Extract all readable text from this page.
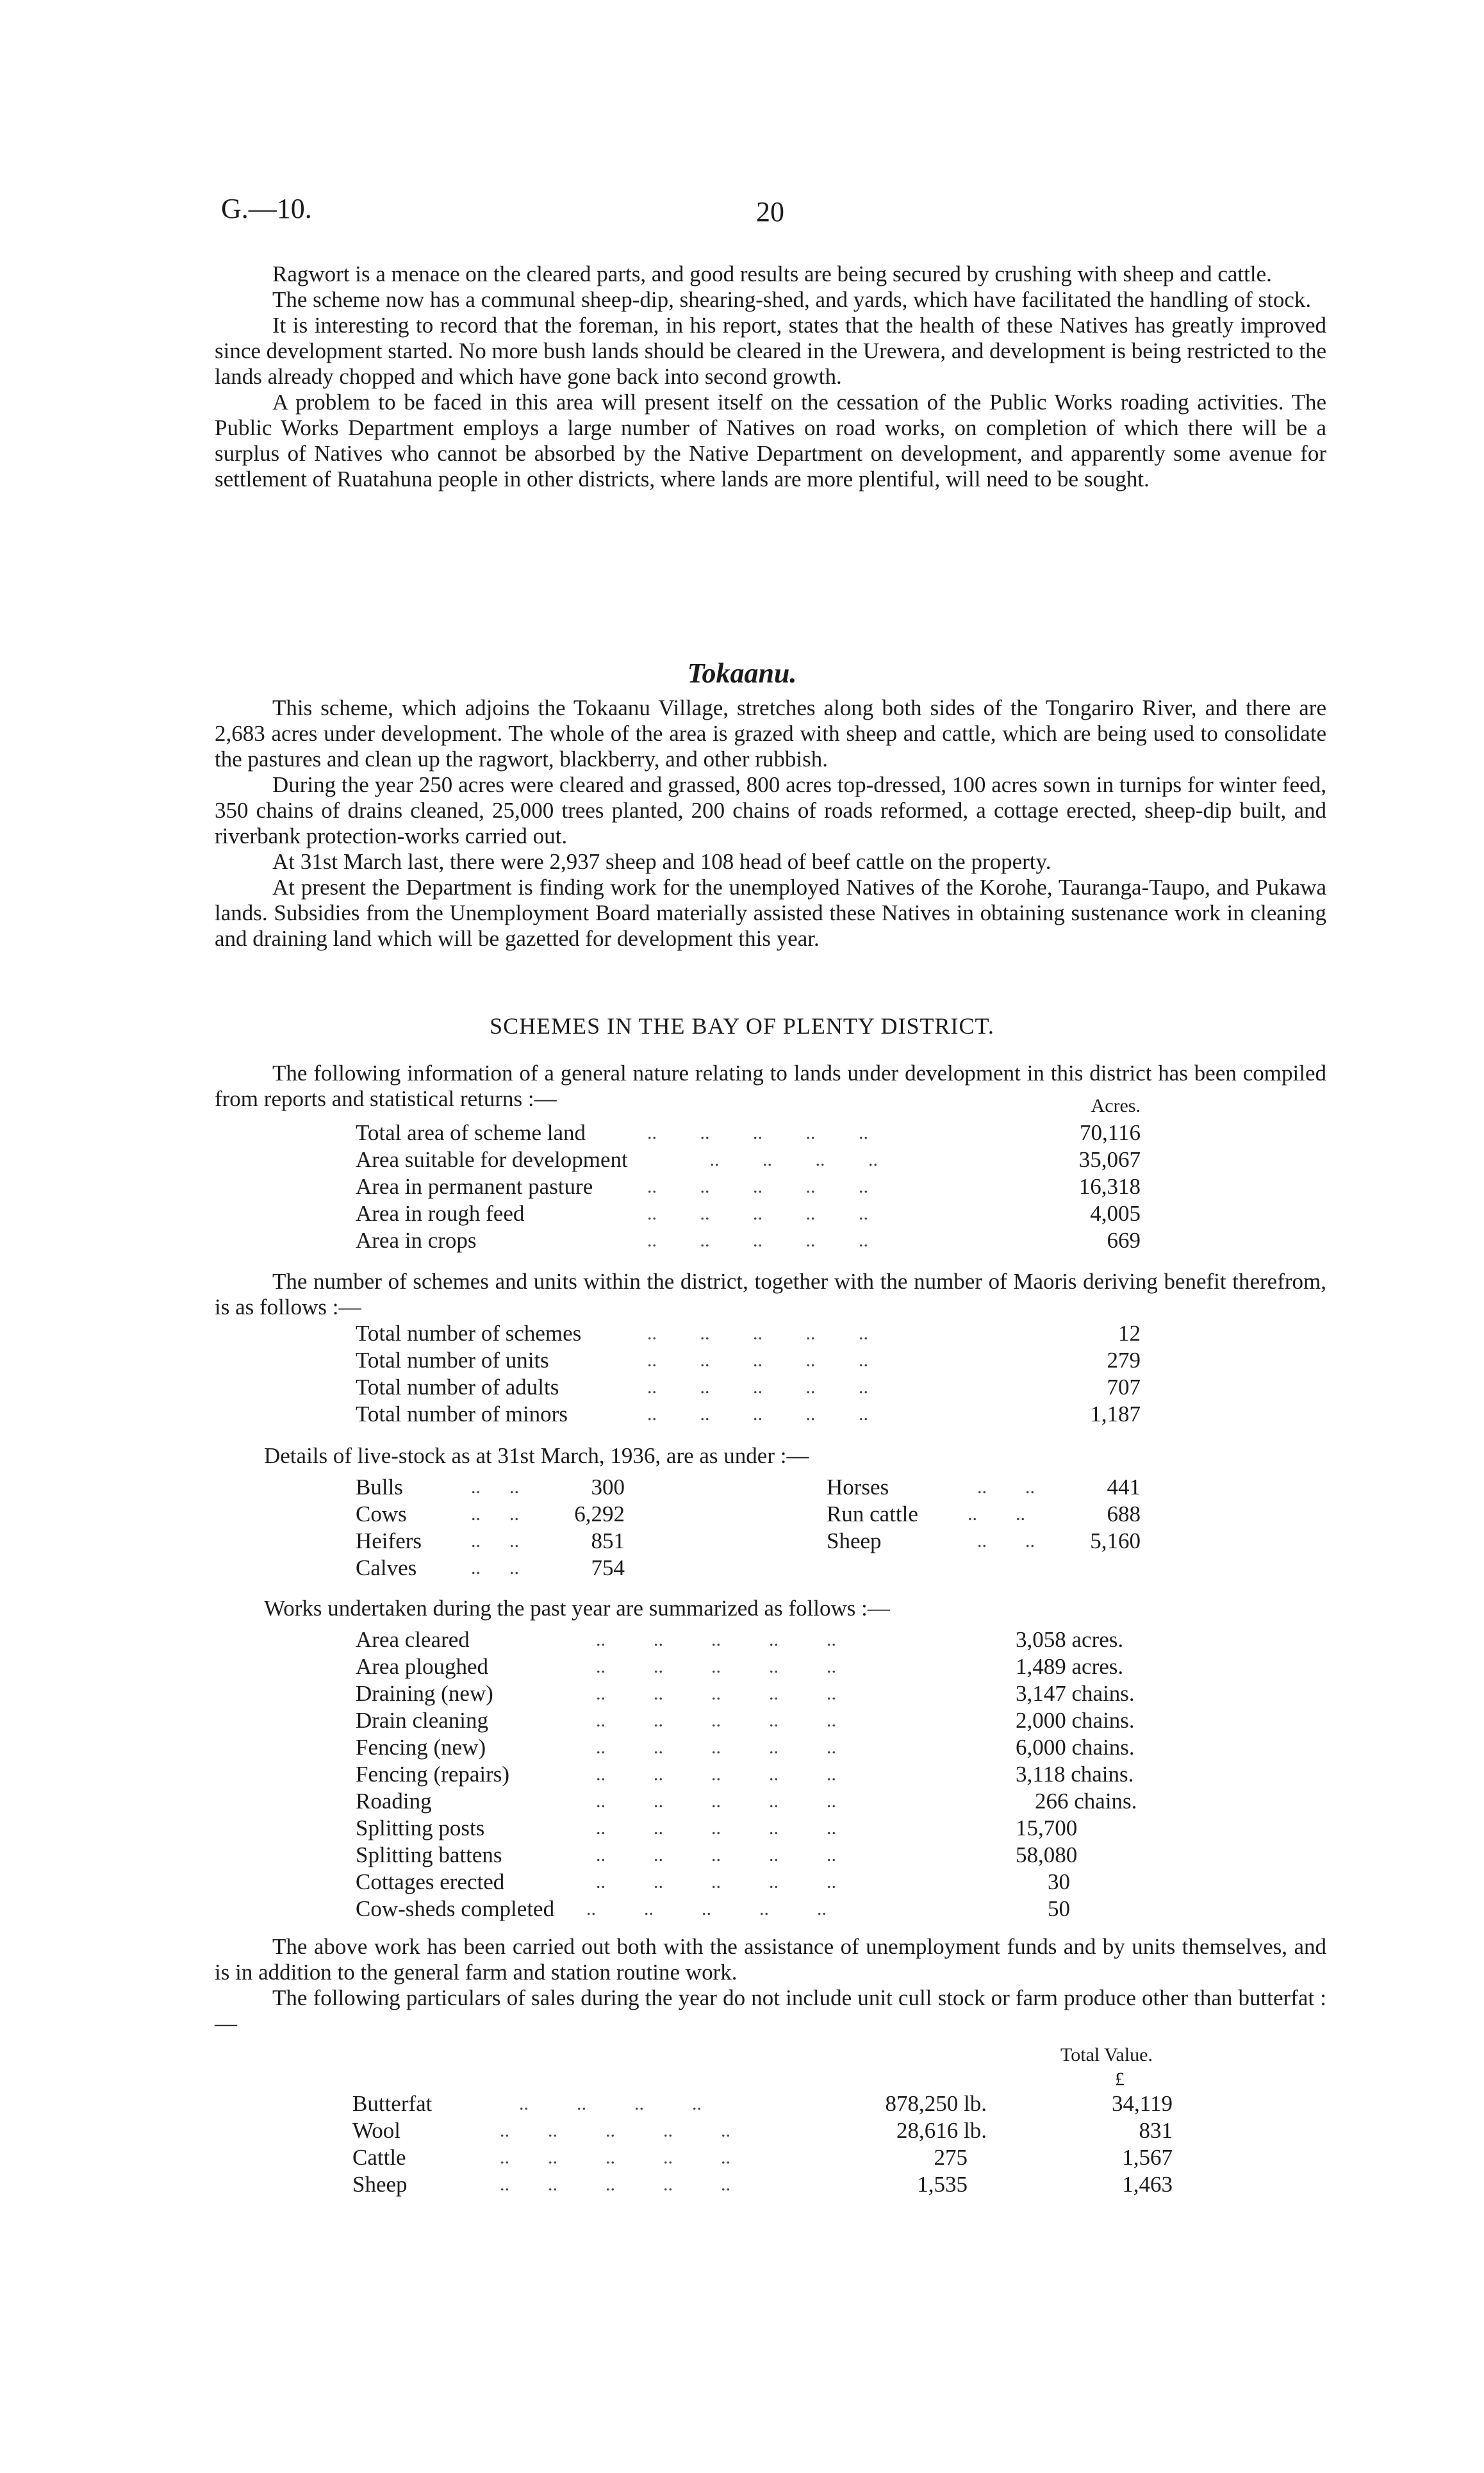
G.—10.	20

Ragwort is a menace on the cleared parts, and good results are being secured by crushing with sheep and cattle.

The scheme now has a communal sheep-dip, shearing-shed, and yards, which have facilitated the handling of stock.

It is interesting to record that the foreman, in his report, states that the health of these Natives has greatly improved since development started. No more bush lands should be cleared in the Urewera, and development is being restricted to the lands already chopped and which have gone back into second growth.

A problem to be faced in this area will present itself on the cessation of the Public Works roading activities. The Public Works Department employs a large number of Natives on road works, on completion of which there will be a surplus of Natives who cannot be absorbed by the Native Department on development, and apparently some avenue for settlement of Ruatahuna people in other districts, where lands are more plentiful, will need to be sought.

Tokaanu.

This scheme, which adjoins the Tokaanu Village, stretches along both sides of the Tongariro River, and there are 2,683 acres under development. The whole of the area is grazed with sheep and cattle, which are being used to consolidate the pastures and clean up the ragwort, blackberry, and other rubbish.

During the year 250 acres were cleared and grassed, 800 acres top-dressed, 100 acres sown in turnips for winter feed, 350 chains of drains cleaned, 25,000 trees planted, 200 chains of roads reformed, a cottage erected, sheep-dip built, and riverbank protection-works carried out.

At 31st March last, there were 2,937 sheep and 108 head of beef cattle on the property.

At present the Department is finding work for the unemployed Natives of the Korohe, Tauranga-Taupo, and Pukawa lands. Subsidies from the Unemployment Board materially assisted these Natives in obtaining sustenance work in cleaning and draining land which will be gazetted for development this year.

SCHEMES IN THE BAY OF PLENTY DISTRICT.

The following information of a general nature relating to lands under development in this district has been compiled from reports and statistical returns :—

			Acres.
Total area of scheme land	..         ..         ..         ..         ..	70,116
Area suitable for development	..         ..         ..         ..	35,067
Area in permanent pasture	..         ..         ..         ..         ..	16,318
Area in rough feed	..         ..         ..         ..         ..	4,005
Area in crops	..         ..         ..         ..         ..	669

The number of schemes and units within the district, together with the number of Maoris deriving benefit therefrom, is as follows :—

Total number of schemes	..         ..         ..         ..         ..	12
Total number of units	..         ..         ..         ..         ..	279
Total number of adults	..         ..         ..         ..         ..	707
Total number of minors	..         ..         ..         ..         ..	1,187
Details of live-stock as at 31st March, 1936, are as under :—
Bulls	..      ..	300
Cows	..      ..	6,292
Heifers	..      ..	851
Calves	..      ..	754
Horses	..        ..	441
Run cattle	..        ..	688
Sheep	..        ..	5,160
Works undertaken during the past year are summarized as follows :—
Area cleared	..          ..          ..          ..          ..	3,058 acres.
Area ploughed	..          ..          ..          ..          ..	1,489 acres.
Draining (new)	..          ..          ..          ..          ..	3,147 chains.
Drain cleaning	..          ..          ..          ..          ..	2,000 chains.
Fencing (new)	..          ..          ..          ..          ..	6,000 chains.
Fencing (repairs)	..          ..          ..          ..          ..	3,118 chains.
Roading	..          ..          ..          ..          ..	266 chains.
Splitting posts	..          ..          ..          ..          ..	15,700
Splitting battens	..          ..          ..          ..          ..	58,080
Cottages erected	..          ..          ..          ..          ..	30
Cow-sheds completed	..          ..          ..          ..          ..	50

The above work has been carried out both with the assistance of unemployment funds and by units themselves, and is in addition to the general farm and station routine work.

The following particulars of sales during the year do not include unit cull stock or farm produce other than butterfat :—

Total Value.
£
Butterfat	..          ..          ..          ..	878,250 lb.	34,119
Wool	..        ..          ..          ..          ..	28,616 lb.	831
Cattle	..        ..          ..          ..          ..	275	1,567
Sheep	..        ..          ..          ..          ..	1,535	1,463
